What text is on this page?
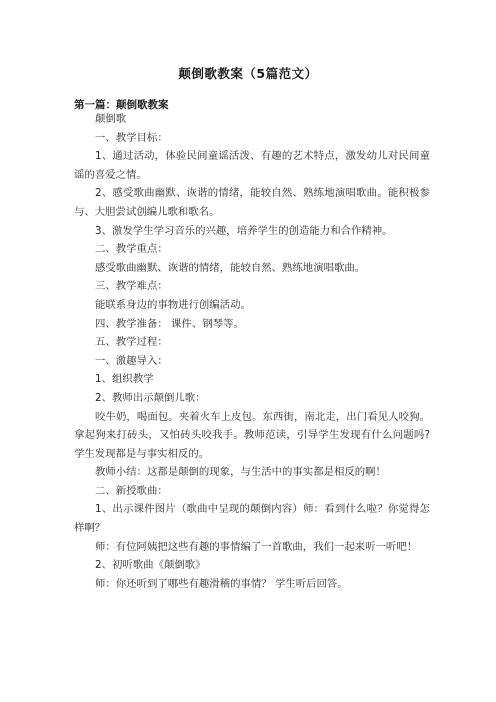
颠倒歌教案（5篇范文）
第一篇：颠倒歌教案

颠倒歌

一、教学目标：

1、通过活动，体验民间童谣活泼、有趣的艺术特点，激发幼儿对民间童谣的喜爱之情。

2、感受歌曲幽默、诙谐的情绪，能较自然、熟练地演唱歌曲。能积极参与、大胆尝试创编儿歌和歌名。

3、激发学生学习音乐的兴趣，培养学生的创造能力和合作精神。

二、教学重点：

感受歌曲幽默、诙谐的情绪，能较自然、熟练地演唱歌曲。

三、教学难点：

能联系身边的事物进行创编活动。

四、教学准备： 课件、钢琴等。

五、教学过程：

一、激趣导入：

1、组织教学

2、教师出示颠倒儿歌：

咬牛奶，喝面包。夹着火车上皮包。东西街，南北走，出门看见人咬狗。拿起狗来打砖头，又怕砖头咬我手。教师范读，引导学生发现有什么问题吗? 学生发现都是与事实相反的。

教师小结：这都是颠倒的现象，与生活中的事实都是相反的啊！

二、新授歌曲：

1、出示课件图片（歌曲中呈现的颠倒内容）师：看到什么啦？你觉得怎样啊？

师：有位阿姨把这些有趣的事情编了一首歌曲，我们一起来听一听吧！

2、初听歌曲《颠倒歌》

师：你还听到了哪些有趣滑稽的事情？ 学生听后回答。
